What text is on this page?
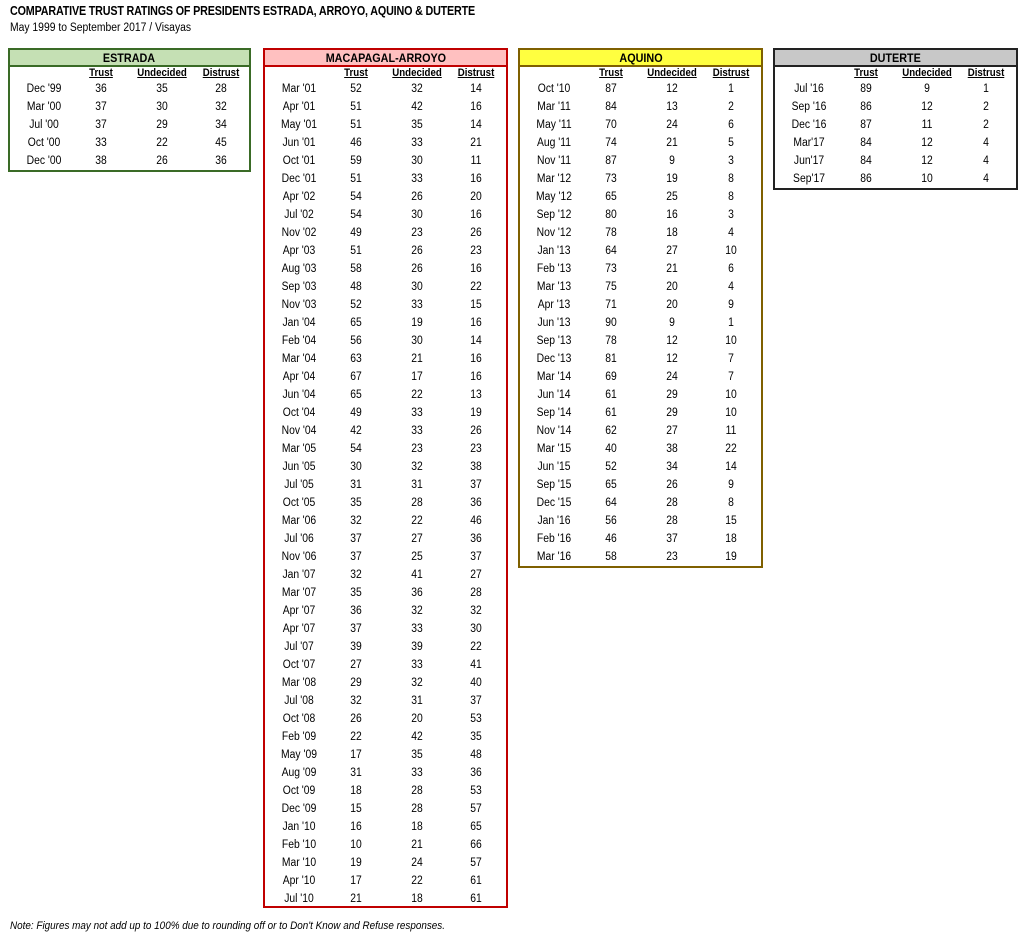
COMPARATIVE TRUST RATINGS OF PRESIDENTS ESTRADA, ARROYO, AQUINO & DUTERTE
May 1999 to September 2017 / Visayas
ESTRADA
Trust Undecided Distrust
Dec '99	36	35	28
Mar '00	37	30	32
Jul '00	37	29	34
Oct '00	33	22	45
Dec '00	38	26	36
MACAPAGAL-ARROYO
Trust Undecided Distrust
Mar '01	52	32	14
Apr '01	51	42	16
May '01	51	35	14
Jun '01	46	33	21
Oct '01	59	30	11
Dec '01	51	33	16
Apr '02	54	26	20
Jul '02	54	30	16
Nov '02	49	23	26
Apr '03	51	26	23
Aug '03	58	26	16
Sep '03	48	30	22
Nov '03	52	33	15
Jan '04	65	19	16
Feb '04	56	30	14
Mar '04	63	21	16
Apr '04	67	17	16
Jun '04	65	22	13
Oct '04	49	33	19
Nov '04	42	33	26
Mar '05	54	23	23
Jun '05	30	32	38
Jul '05	31	31	37
Oct '05	35	28	36
Mar '06	32	22	46
Jul '06	37	27	36
Nov '06	37	25	37
Jan '07	32	41	27
Mar '07	35	36	28
Apr '07	36	32	32
Apr '07	37	33	30
Jul '07	39	39	22
Oct '07	27	33	41
Mar '08	29	32	40
Jul '08	32	31	37
Oct '08	26	20	53
Feb '09	22	42	35
May '09	17	35	48
Aug '09	31	33	36
Oct '09	18	28	53
Dec '09	15	28	57
Jan '10	16	18	65
Feb '10	10	21	66
Mar '10	19	24	57
Apr '10	17	22	61
Jul '10	21	18	61
AQUINO
Trust Undecided Distrust
Oct '10	87	12	1
Mar '11	84	13	2
May '11	70	24	6
Aug '11	74	21	5
Nov '11	87	9	3
Mar '12	73	19	8
May '12	65	25	8
Sep '12	80	16	3
Nov '12	78	18	4
Jan '13	64	27	10
Feb '13	73	21	6
Mar '13	75	20	4
Apr '13	71	20	9
Jun '13	90	9	1
Sep '13	78	12	10
Dec '13	81	12	7
Mar '14	69	24	7
Jun '14	61	29	10
Sep '14	61	29	10
Nov '14	62	27	11
Mar '15	40	38	22
Jun '15	52	34	14
Sep '15	65	26	9
Dec '15	64	28	8
Jan '16	56	28	15
Feb '16	46	37	18
Mar '16	58	23	19
DUTERTE
Trust Undecided Distrust
Jul '16	89	9	1
Sep '16	86	12	2
Dec '16	87	11	2
Mar'17	84	12	4
Jun'17	84	12	4
Sep'17	86	10	4
Note: Figures may not add up to 100% due to rounding off or to Don't Know and Refuse responses.
